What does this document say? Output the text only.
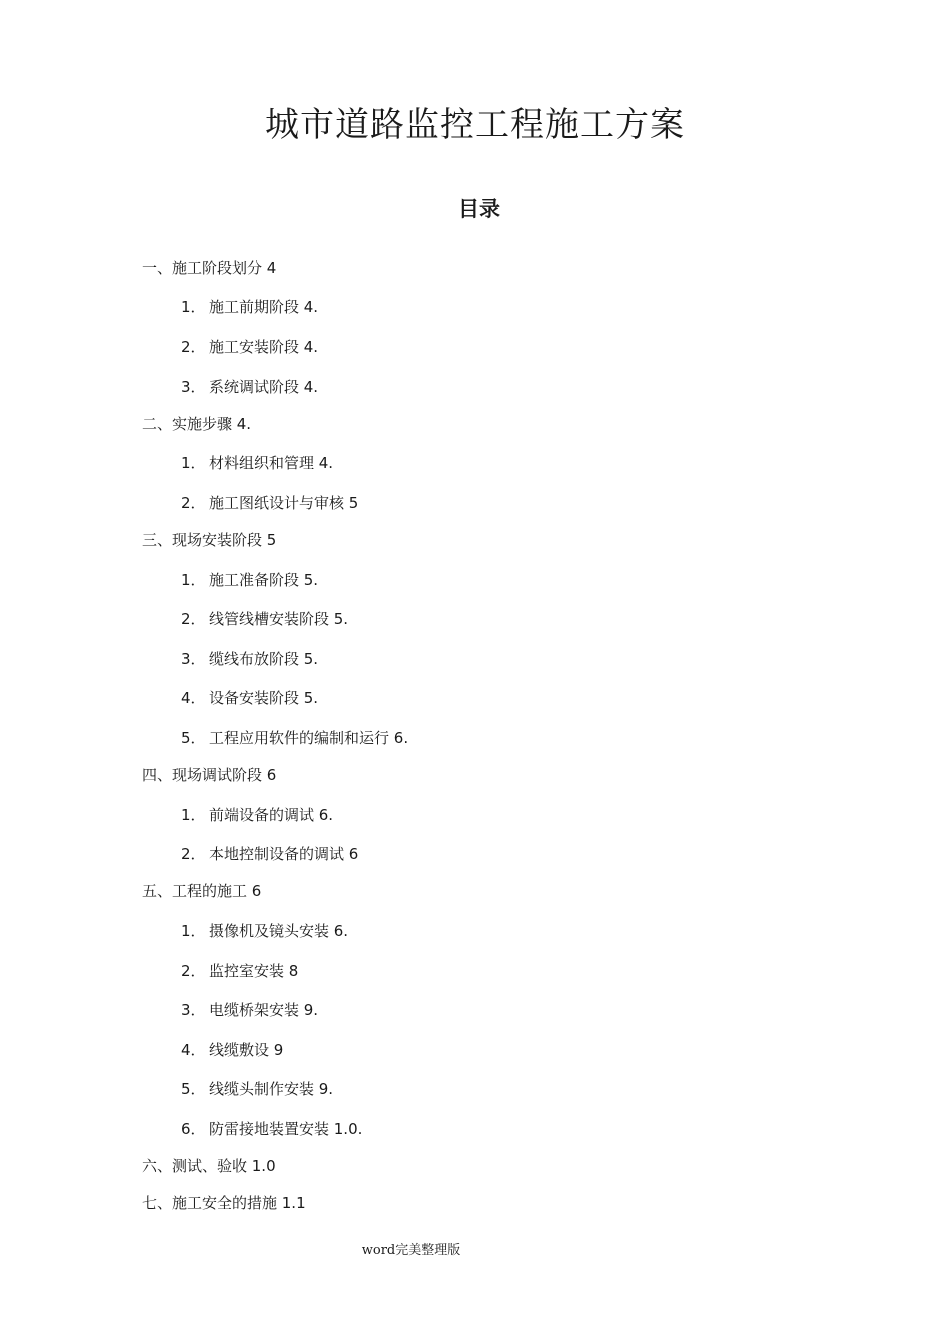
城市道路监控工程施工方案
目录
一、施工阶段划分 4
1． 施工前期阶段 4.
2． 施工安装阶段 4.
3． 系统调试阶段 4.
二、实施步骤 4.
1． 材料组织和管理 4.
2． 施工图纸设计与审核 5
三、现场安装阶段 5
1． 施工准备阶段 5.
2． 线管线槽安装阶段 5.
3． 缆线布放阶段 5.
4． 设备安装阶段 5.
5． 工程应用软件的编制和运行 6.
四、现场调试阶段 6
1． 前端设备的调试 6.
2． 本地控制设备的调试 6
五、工程的施工 6
1． 摄像机及镜头安装 6.
2． 监控室安装 8
3． 电缆桥架安装 9.
4． 线缆敷设 9
5． 线缆头制作安装 9.
6． 防雷接地装置安装 1.0.
六、测试、验收 1.0
七、施工安全的措施 1.1
word完美整理版
